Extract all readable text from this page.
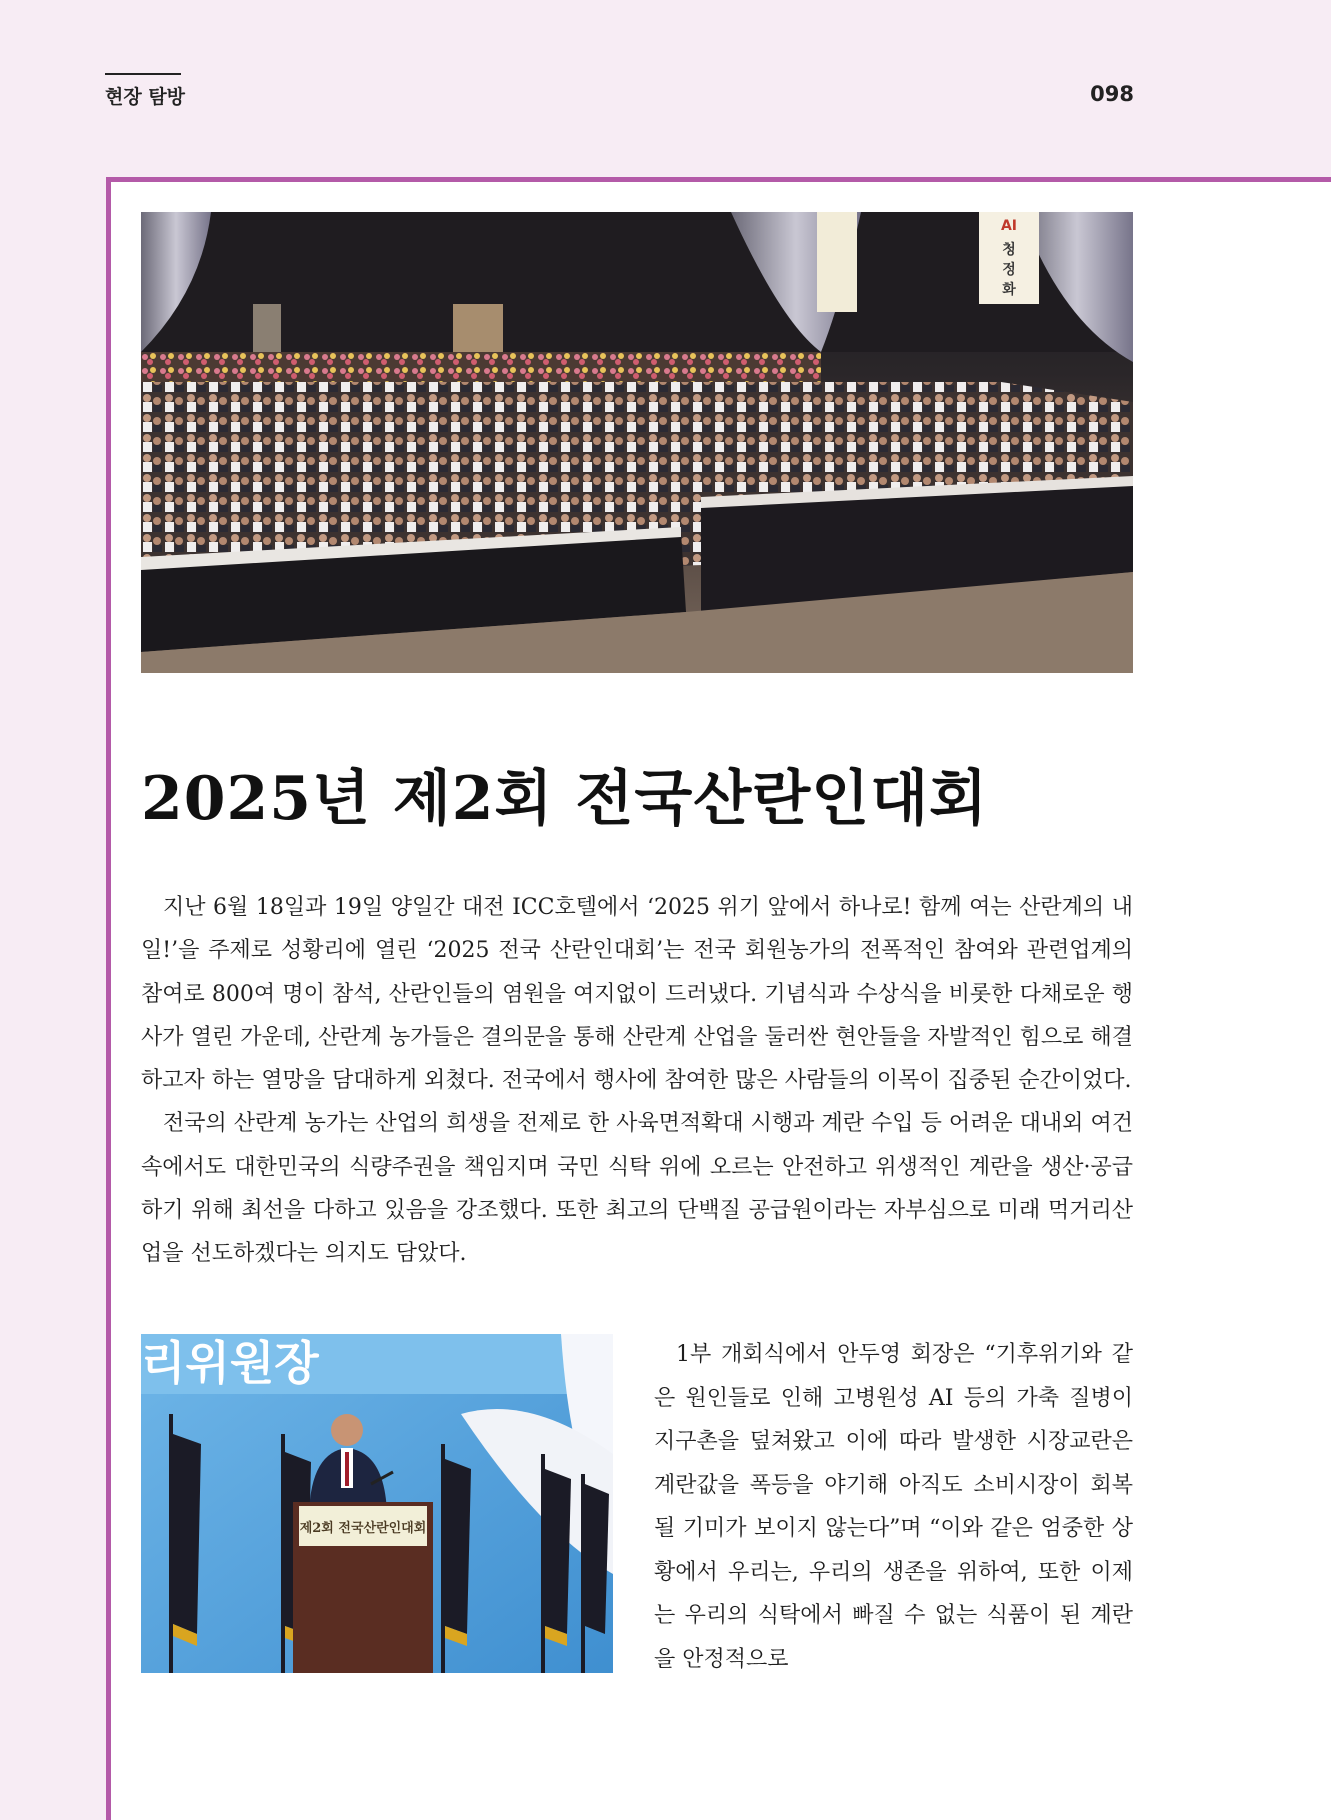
현장 탐방	098
AI
청
정
화
2025년 제2회 전국산란인대회

지난 6월 18일과 19일 양일간 대전 ICC호텔에서 ‘2025 위기 앞에서 하나로! 함께 여는 산란계의 내일!’을 주제로 성황리에 열린 ‘2025 전국 산란인대회’는 전국 회원농가의 전폭적인 참여와 관련업계의 참여로 800여 명이 참석, 산란인들의 염원을 여지없이 드러냈다. 기념식과 수상식을 비롯한 다채로운 행사가 열린 가운데, 산란계 농가들은 결의문을 통해 산란계 산업을 둘러싼 현안들을 자발적인 힘으로 해결하고자 하는 열망을 담대하게 외쳤다. 전국에서 행사에 참여한 많은 사람들의 이목이 집중된 순간이었다.

전국의 산란계 농가는 산업의 희생을 전제로 한 사육면적확대 시행과 계란 수입 등 어려운 대내외 여건 속에서도 대한민국의 식량주권을 책임지며 국민 식탁 위에 오르는 안전하고 위생적인 계란을 생산·공급하기 위해 최선을 다하고 있음을 강조했다. 또한 최고의 단백질 공급원이라는 자부심으로 미래 먹거리산업을 선도하겠다는 의지도 담았다.

리위원장
제2회 전국산란인대회

1부 개회식에서 안두영 회장은 “기후위기와 같은 원인들로 인해 고병원성 AI 등의 가축 질병이 지구촌을 덮쳐왔고 이에 따라 발생한 시장교란은 계란값을 폭등을 야기해 아직도 소비시장이 회복될 기미가 보이지 않는다”며 “이와 같은 엄중한 상황에서 우리는, 우리의 생존을 위하여, 또한 이제는 우리의 식탁에서 빠질 수 없는 식품이 된 계란을 안정적으로
